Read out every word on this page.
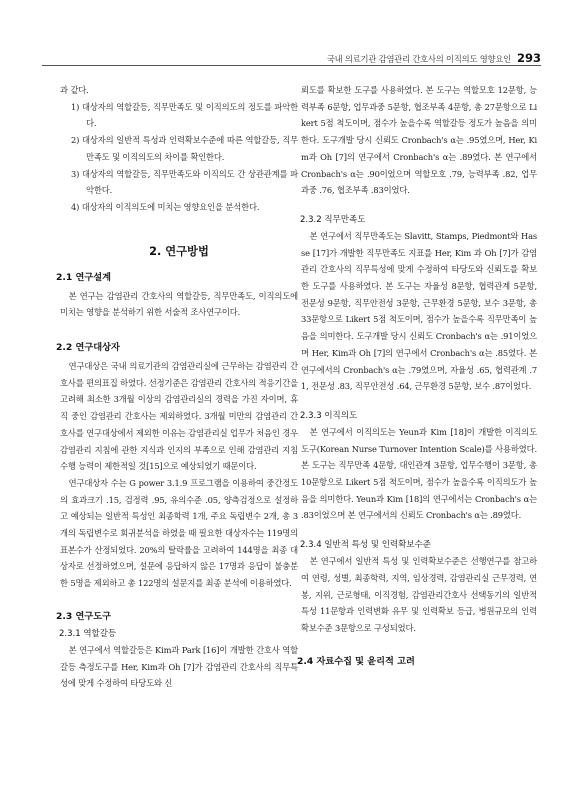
국내 의료기관 감염관리 간호사의 이직의도 영향요인 293

과 같다.

1) 대상자의 역할갈등, 직무만족도 및 이직의도의 정도를 파악한다.
2) 대상자의 일반적 특성과 인력확보수준에 따른 역할갈등, 직무만족도 및 이직의도의 차이를 확인한다.
3) 대상자의 역할갈등, 직무만족도와 이직의도 간 상관관계를 파악한다.
4) 대상자의 이직의도에 미치는 영향요인을 분석한다.
2. 연구방법
2.1 연구설계

본 연구는 감염관리 간호사의 역할갈등, 직무만족도, 이직의도에 미치는 영향을 분석하기 위한 서술적 조사연구이다.

2.2 연구대상자

연구대상은 국내 의료기관의 감염관리실에 근무하는 감염관리 간호사를 편의표집 하였다. 선정기준은 감염관리 간호사의 적응기간을 고려해 최소한 3개월 이상의 감염관리실의 경력을 가진 자이며, 휴직 중인 감염관리 간호사는 제외하였다. 3개월 미만의 감염관리 간호사를 연구대상에서 제외한 이유는 감염관리실 업무가 처음인 경우 감염관리 지침에 관한 지식과 인지의 부족으로 인해 감염관리 지침 수행 능력이 제한적일 것[15]으로 예상되었기 때문이다.

연구대상자 수는 G power 3.1.9 프로그램을 이용하여 중간정도의 효과크기 .15, 검정력 .95, 유의수준 .05, 양측검정으로 설정하고 예상되는 일반적 특성인 최종학력 1개, 주요 독립변수 2개, 총 3개의 독립변수로 회귀분석을 하였을 때 필요한 대상자수는 119명의 표본수가 산정되었다. 20%의 탈락률을 고려하여 144명을 최종 대상자로 선정하였으며, 설문에 응답하지 않은 17명과 응답이 불충분한 5명을 제외하고 총 122명의 설문지를 최종 분석에 이용하였다.

2.3 연구도구
2.3.1 역할갈등

본 연구에서 역할갈등은 Kim과 Park [16]이 개발한 간호사 역할갈등 측정도구를 Her, Kim과 Oh [7]가 감염관리 간호사의 직무특성에 맞게 수정하여 타당도와 신

뢰도를 확보한 도구를 사용하였다. 본 도구는 역할모호 12문항, 능력부족 6문항, 업무과중 5문항, 협조부족 4문항, 총 27문항으로 Likert 5점 척도이며, 점수가 높을수록 역할갈등 정도가 높음을 의미한다. 도구개발 당시 신뢰도 Cronbach's α는 .95였으며, Her, Kim과 Oh [7]의 연구에서 Cronbach's α는 .89였다. 본 연구에서 Cronbach's α는 .90이었으며 역할모호 .79, 능력부족 .82, 업무과중 .76, 협조부족 .83이었다.

2.3.2 직무만족도

본 연구에서 직무만족도는 Slavitt, Stamps, Piedmont와 Hasse [17]가 개발한 직무만족도 지표를 Her, Kim 과 Oh [7]가 감염관리 간호사의 직무특성에 맞게 수정하여 타당도와 신뢰도를 확보한 도구를 사용하였다. 본 도구는 자율성 8문항, 협력관계 5문항, 전문성 9문항, 직무안전성 3문항, 근무환경 5문항, 보수 3문항, 총 33문항으로 Likert 5점 척도이며, 점수가 높을수록 직무만족이 높음을 의미한다. 도구개발 당시 신뢰도 Cronbach's α는 .91이었으며 Her, Kim과 Oh [7]의 연구에서 Cronbach's α는 .85였다. 본 연구에서의 Cronbach's α는 .79였으며, 자율성 .65, 협력관계 .71, 전문성 .83, 직무안전성 .64, 근무환경 5문항, 보수 .87이었다.

2.3.3 이직의도

본 연구에서 이직의도는 Yeun과 Kim [18]이 개발한 이직의도 도구(Korean Nurse Turnover Intention Scale)를 사용하였다. 본 도구는 직무만족 4문항, 대인관계 3문항, 업무수행이 3문항, 총 10문항으로 Likert 5점 척도이며, 점수가 높을수록 이직의도가 높음을 의미한다. Yeun과 Kim [18]의 연구에서는 Cronbach's α는 .83이었으며 본 연구에서의 신뢰도 Cronbach's α는 .89였다.

2.3.4 일반적 특성 및 인력확보수준

본 연구에서 일반적 특성 및 인력확보수준은 선행연구를 참고하여 연령, 성별, 최종학력, 지역, 임상경력, 감염관리실 근무경력, 연봉, 지위, 근로형태, 이직경험, 감염관리간호사 선택동기의 일반적 특성 11문항과 인력변화 유무 및 인력확보 등급, 병원규모의 인력확보수준 3문항으로 구성되었다.

2.4 자료수집 및 윤리적 고려
